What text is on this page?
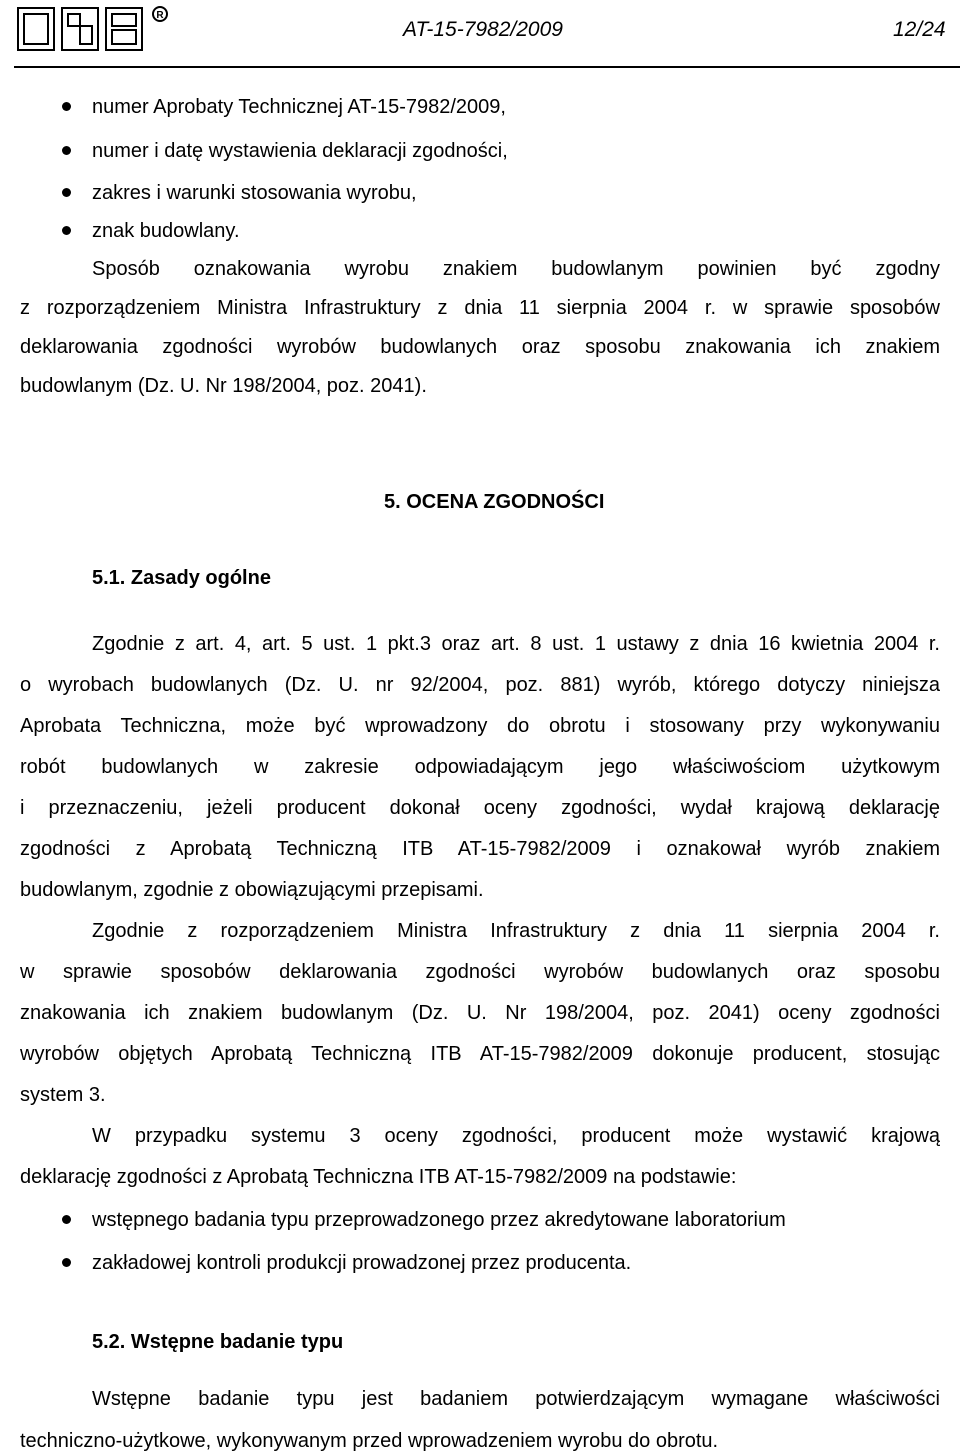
R
AT-15-7982/2009	12/24
numer Aprobaty Technicznej AT-15-7982/2009,
numer i datę wystawienia deklaracji zgodności,
zakres i warunki stosowania wyrobu,
znak budowlany.
Sposób oznakowania wyrobu znakiem budowlanym powinien być zgodny
z rozporządzeniem Ministra Infrastruktury z dnia 11 sierpnia 2004 r. w sprawie sposobów
deklarowania zgodności wyrobów budowlanych oraz sposobu znakowania ich znakiem
budowlanym (Dz. U. Nr 198/2004, poz. 2041).
5. OCENA ZGODNOŚCI
5.1. Zasady ogólne
Zgodnie z art. 4, art. 5 ust. 1 pkt.3 oraz art. 8 ust. 1 ustawy z dnia 16 kwietnia 2004 r.
o wyrobach budowlanych (Dz. U. nr 92/2004, poz. 881) wyrób, którego dotyczy niniejsza
Aprobata Techniczna, może być wprowadzony do obrotu i stosowany przy wykonywaniu
robót budowlanych w zakresie odpowiadającym jego właściwościom użytkowym
i przeznaczeniu, jeżeli producent dokonał oceny zgodności, wydał krajową deklarację
zgodności z Aprobatą Techniczną ITB AT-15-7982/2009 i oznakował wyrób znakiem
budowlanym, zgodnie z obowiązującymi przepisami.
Zgodnie z rozporządzeniem Ministra Infrastruktury z dnia 11 sierpnia 2004 r.
w sprawie sposobów deklarowania zgodności wyrobów budowlanych oraz sposobu
znakowania ich znakiem budowlanym (Dz. U. Nr 198/2004, poz. 2041) oceny zgodności
wyrobów objętych Aprobatą Techniczną ITB AT-15-7982/2009 dokonuje producent, stosując
system 3.
W przypadku systemu 3 oceny zgodności, producent może wystawić krajową
deklarację zgodności z Aprobatą Techniczna ITB AT-15-7982/2009 na podstawie:
wstępnego badania typu przeprowadzonego przez akredytowane laboratorium
zakładowej kontroli produkcji prowadzonej przez producenta.
5.2. Wstępne badanie typu
Wstępne badanie typu jest badaniem potwierdzającym wymagane właściwości
techniczno-użytkowe, wykonywanym przed wprowadzeniem wyrobu do obrotu.
